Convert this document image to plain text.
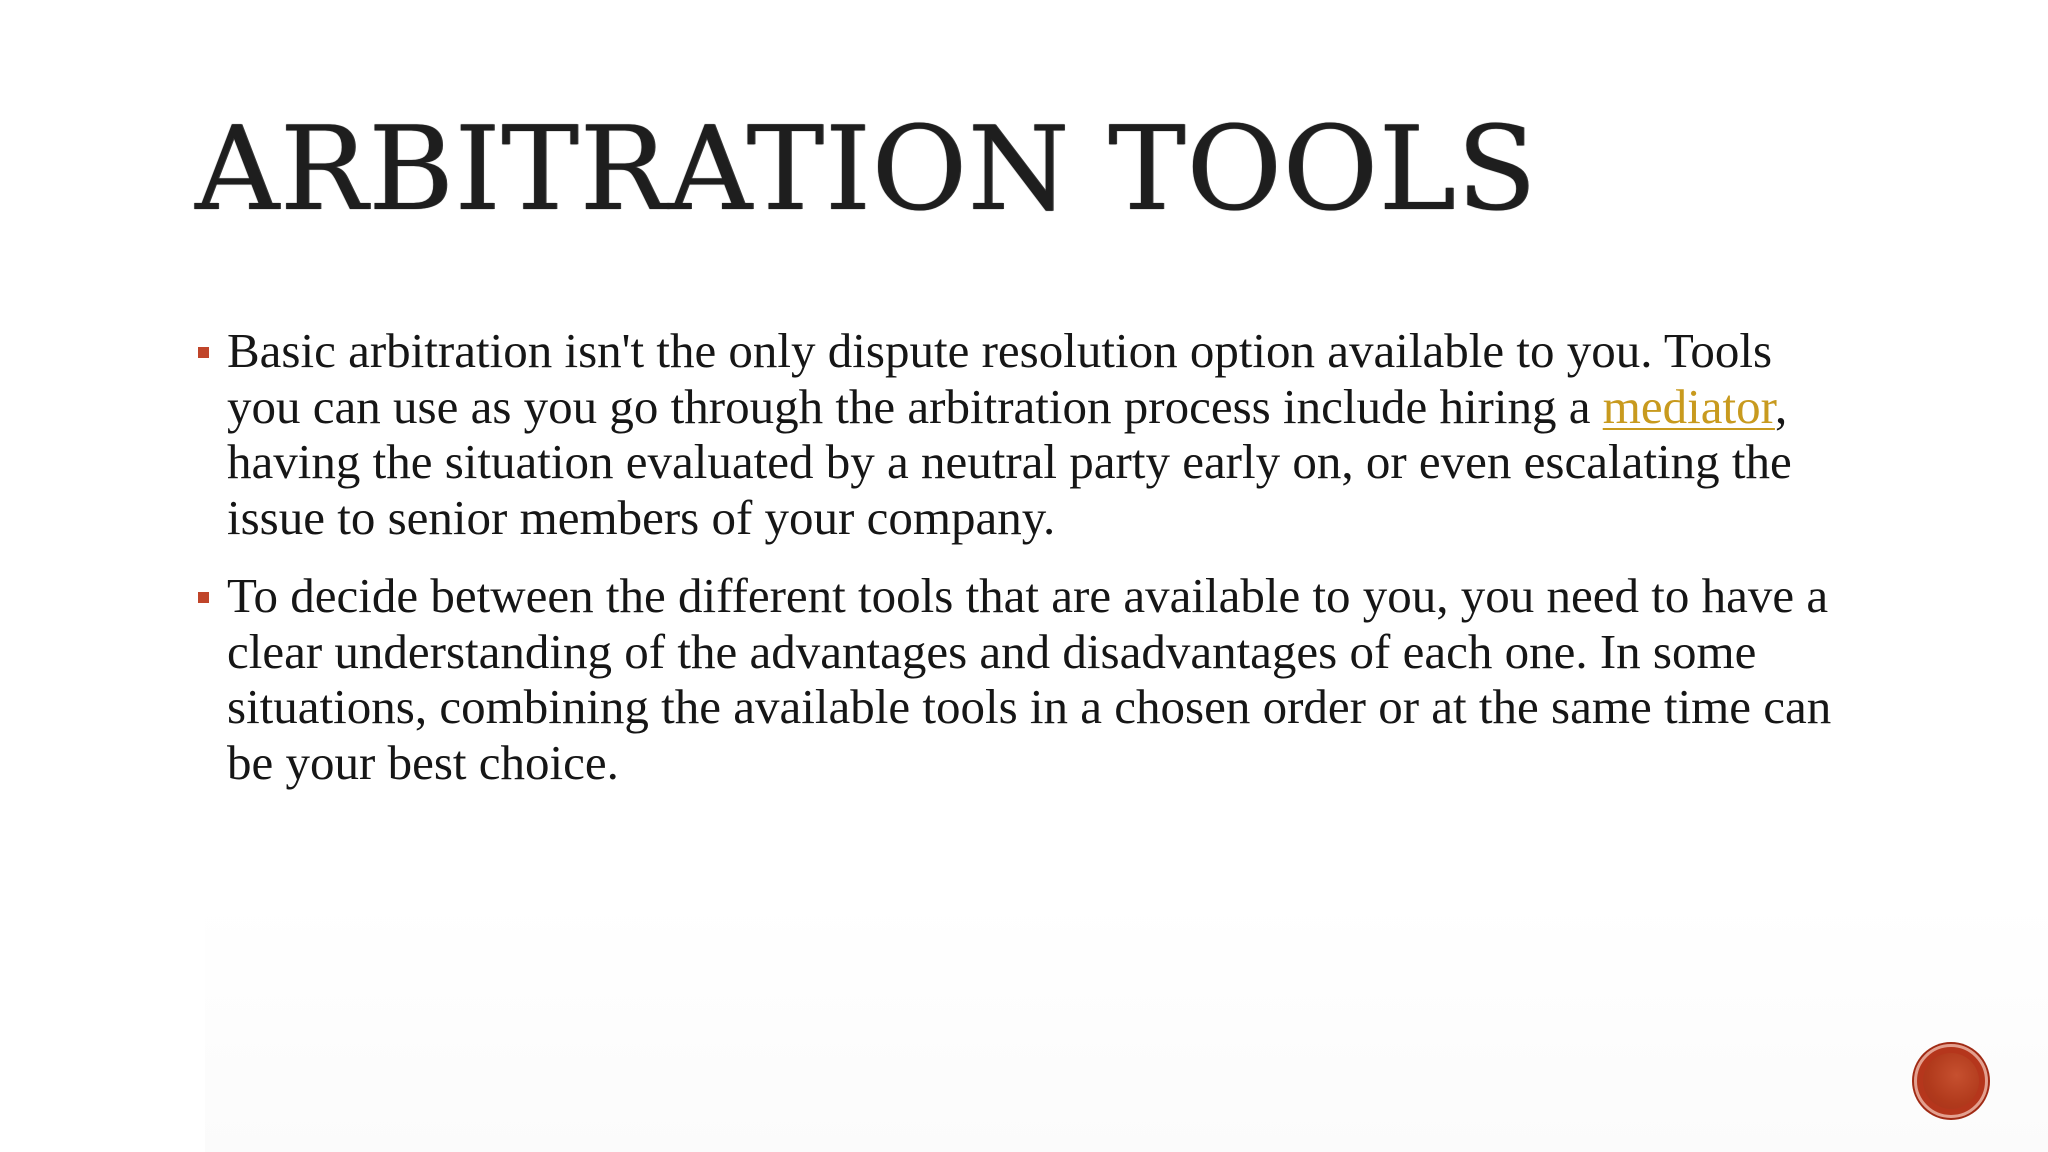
ARBITRATION TOOLS
Basic arbitration isn't the only dispute resolution option available to you. Tools you can use as you go through the arbitration process include hiring a mediator, having the situation evaluated by a neutral party early on, or even escalating the issue to senior members of your company.
To decide between the different tools that are available to you, you need to have a clear understanding of the advantages and disadvantages of each one. In some situations, combining the available tools in a chosen order or at the same time can be your best choice.
